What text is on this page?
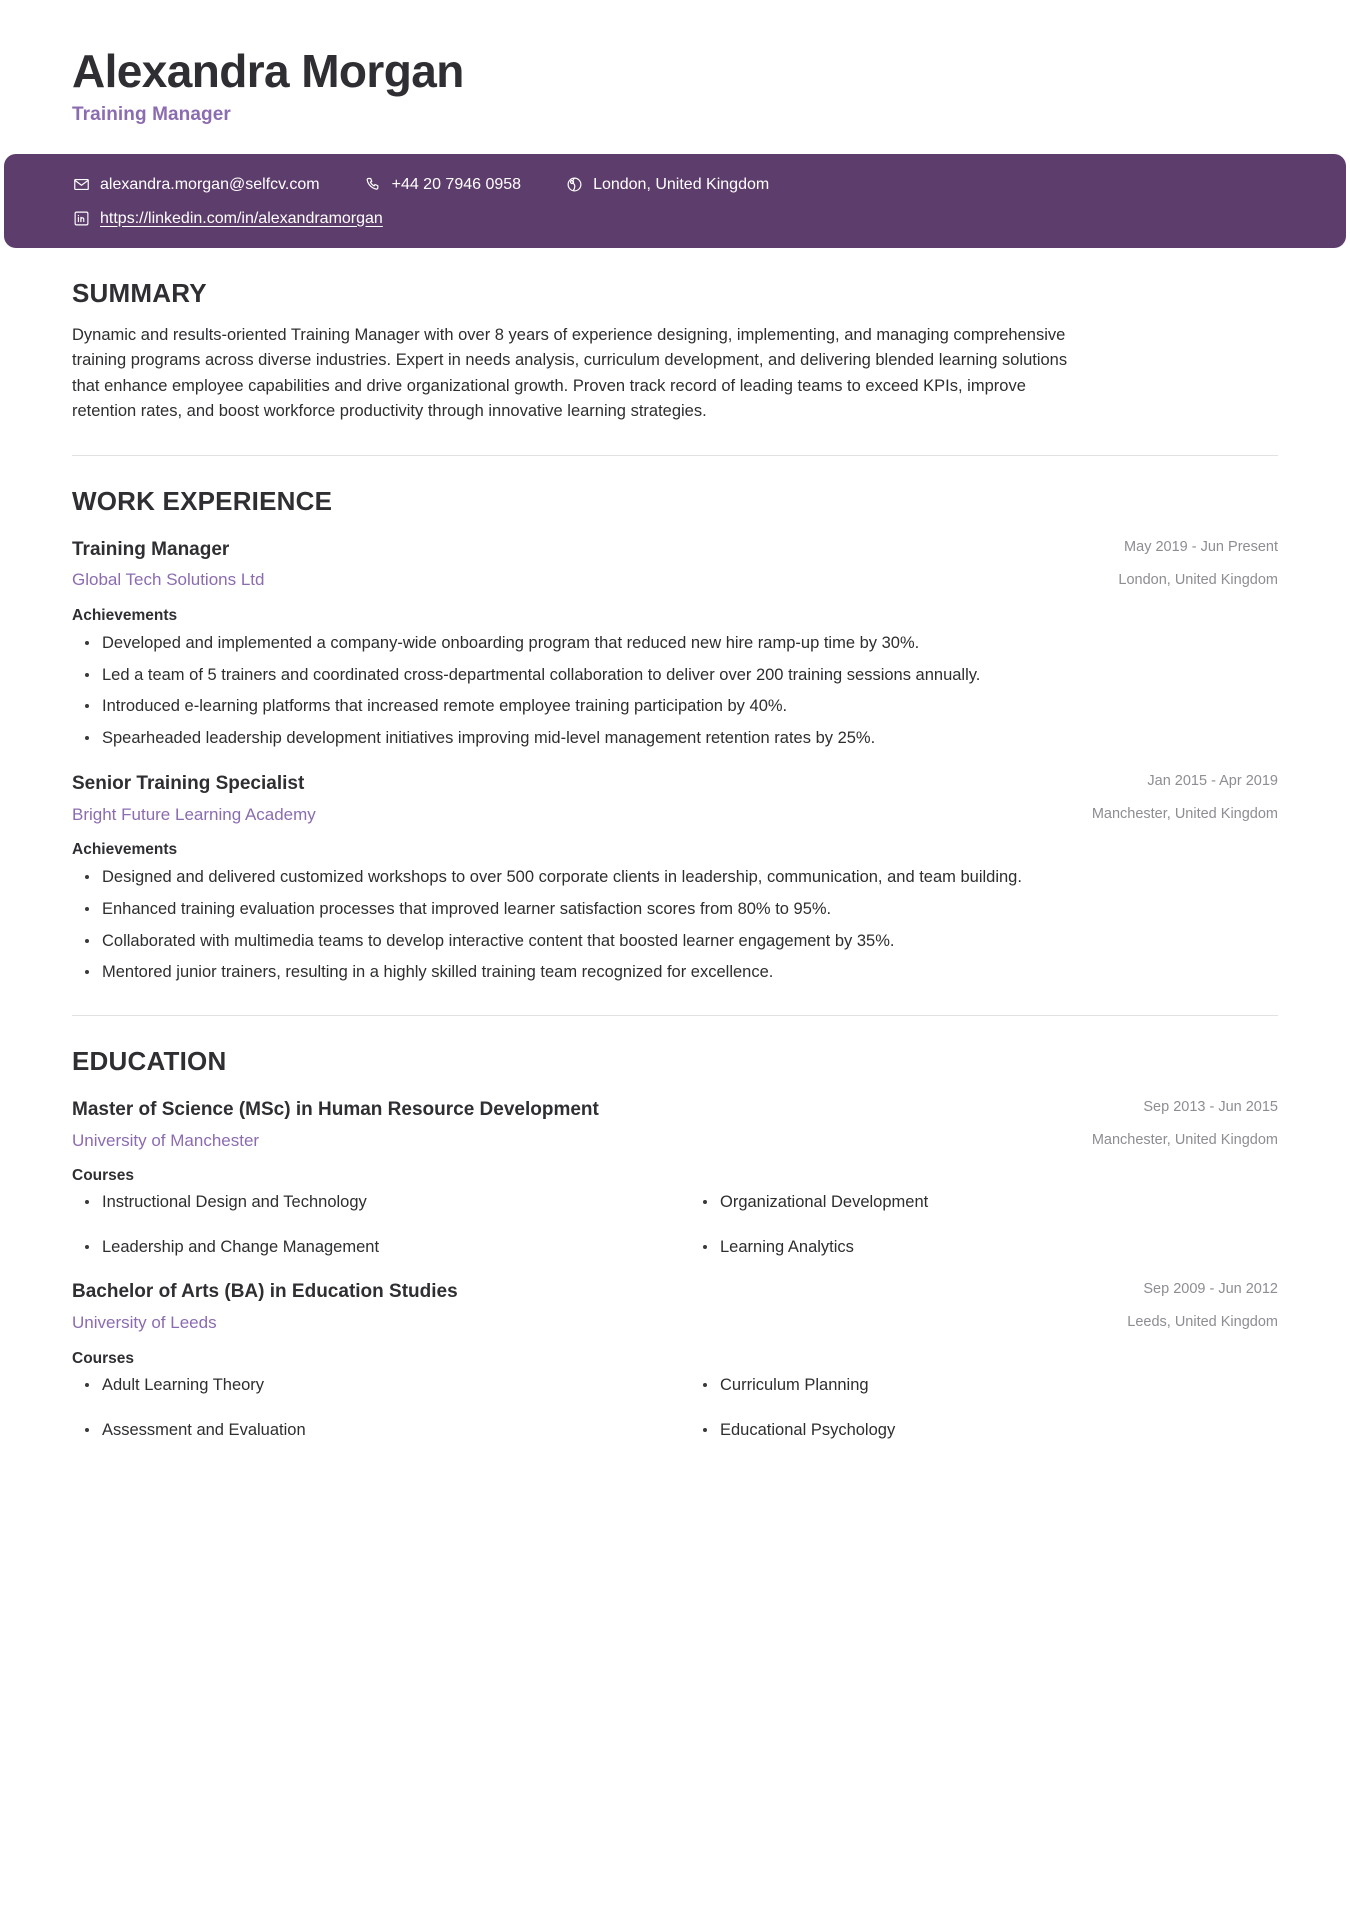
Alexandra Morgan
Training Manager
alexandra.morgan@selfcv.com	+44 20 7946 0958	London, United Kingdom
https://linkedin.com/in/alexandramorgan
SUMMARY

Dynamic and results-oriented Training Manager with over 8 years of experience designing, implementing, and managing comprehensive training programs across diverse industries. Expert in needs analysis, curriculum development, and delivering blended learning solutions that enhance employee capabilities and drive organizational growth. Proven track record of leading teams to exceed KPIs, improve retention rates, and boost workforce productivity through innovative learning strategies.

WORK EXPERIENCE
Training Manager
Global Tech Solutions Ltd
May 2019 - Jun Present
London, United Kingdom
Achievements
Developed and implemented a company-wide onboarding program that reduced new hire ramp-up time by 30%.
Led a team of 5 trainers and coordinated cross-departmental collaboration to deliver over 200 training sessions annually.
Introduced e-learning platforms that increased remote employee training participation by 40%.
Spearheaded leadership development initiatives improving mid-level management retention rates by 25%.
Senior Training Specialist
Bright Future Learning Academy
Jan 2015 - Apr 2019
Manchester, United Kingdom
Achievements
Designed and delivered customized workshops to over 500 corporate clients in leadership, communication, and team building.
Enhanced training evaluation processes that improved learner satisfaction scores from 80% to 95%.
Collaborated with multimedia teams to develop interactive content that boosted learner engagement by 35%.
Mentored junior trainers, resulting in a highly skilled training team recognized for excellence.
EDUCATION
Master of Science (MSc) in Human Resource Development
University of Manchester
Sep 2013 - Jun 2015
Manchester, United Kingdom
Courses
Instructional Design and Technology	Organizational Development
Leadership and Change Management	Learning Analytics
Bachelor of Arts (BA) in Education Studies
University of Leeds
Sep 2009 - Jun 2012
Leeds, United Kingdom
Courses
Adult Learning Theory	Curriculum Planning
Assessment and Evaluation	Educational Psychology
